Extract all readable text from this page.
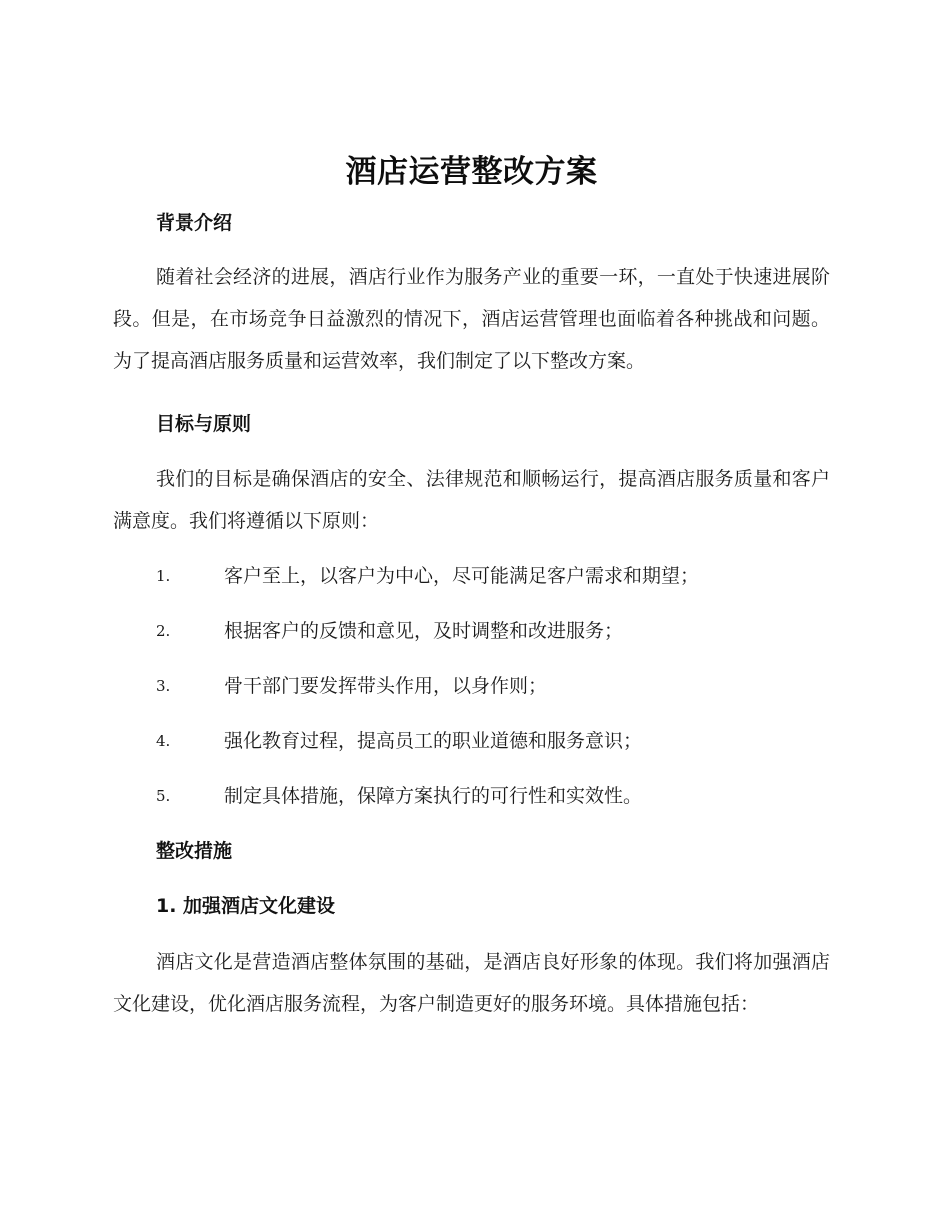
酒店运营整改方案
背景介绍

随着社会经济的进展，酒店行业作为服务产业的重要一环，一直处于快速进展阶段。但是，在市场竞争日益激烈的情况下，酒店运营管理也面临着各种挑战和问题。为了提高酒店服务质量和运营效率，我们制定了以下整改方案。

目标与原则

我们的目标是确保酒店的安全、法律规范和顺畅运行，提高酒店服务质量和客户满意度。我们将遵循以下原则：

1.	客户至上，以客户为中心，尽可能满足客户需求和期望；
2.	根据客户的反馈和意见，及时调整和改进服务；
3.	骨干部门要发挥带头作用，以身作则；
4.	强化教育过程，提高员工的职业道德和服务意识；
5.	制定具体措施，保障方案执行的可行性和实效性。
整改措施
1. 加强酒店文化建设

酒店文化是营造酒店整体氛围的基础，是酒店良好形象的体现。我们将加强酒店文化建设，优化酒店服务流程，为客户制造更好的服务环境。具体措施包括：
